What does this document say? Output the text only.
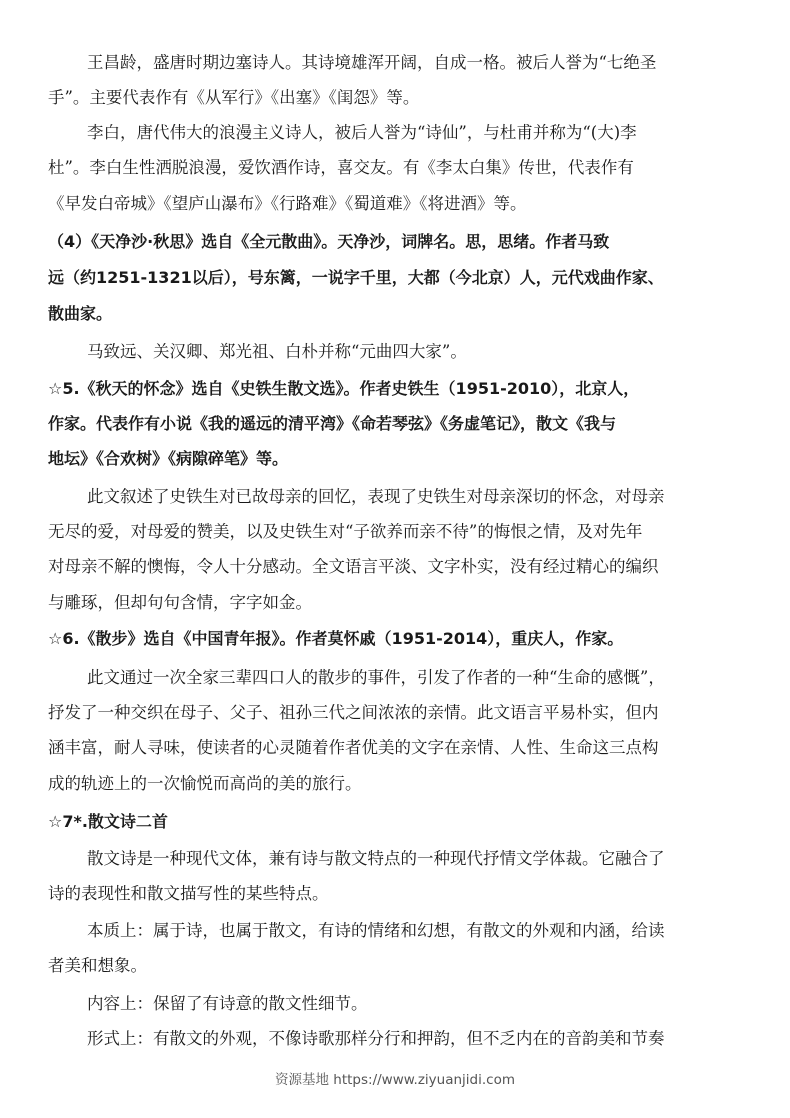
王昌龄，盛唐时期边塞诗人。其诗境雄浑开阔，自成一格。被后人誉为“七绝圣
手”。主要代表作有《从军行》《出塞》《闺怨》等。
李白，唐代伟大的浪漫主义诗人，被后人誉为“诗仙”，与杜甫并称为“(大)李
杜”。李白生性洒脱浪漫，爱饮酒作诗，喜交友。有《李太白集》传世，代表作有
《早发白帝城》《望庐山瀑布》《行路难》《蜀道难》《将进酒》等。
（4）《天净沙·秋思》选自《全元散曲》。天净沙，词牌名。思，思绪。作者马致
远（约1251-1321以后），号东篱，一说字千里，大都（今北京）人，元代戏曲作家、
散曲家。
马致远、关汉卿、郑光祖、白朴并称“元曲四大家”。
☆5.《秋天的怀念》选自《史铁生散文选》。作者史铁生（1951-2010），北京人，
作家。代表作有小说《我的遥远的清平湾》《命若琴弦》《务虚笔记》，散文《我与
地坛》《合欢树》《病隙碎笔》等。
此文叙述了史铁生对已故母亲的回忆，表现了史铁生对母亲深切的怀念，对母亲
无尽的爱，对母爱的赞美，以及史铁生对“子欲养而亲不待”的悔恨之情，及对先年
对母亲不解的懊悔，令人十分感动。全文语言平淡、文字朴实，没有经过精心的编织
与雕琢，但却句句含情，字字如金。
☆6.《散步》选自《中国青年报》。作者莫怀戚（1951-2014），重庆人，作家。
此文通过一次全家三辈四口人的散步的事件，引发了作者的一种“生命的感慨”，
抒发了一种交织在母子、父子、祖孙三代之间浓浓的亲情。此文语言平易朴实，但内
涵丰富，耐人寻味，使读者的心灵随着作者优美的文字在亲情、人性、生命这三点构
成的轨迹上的一次愉悦而高尚的美的旅行。
☆7*.散文诗二首
散文诗是一种现代文体，兼有诗与散文特点的一种现代抒情文学体裁。它融合了
诗的表现性和散文描写性的某些特点。
本质上：属于诗，也属于散文，有诗的情绪和幻想，有散文的外观和内涵，给读
者美和想象。
内容上：保留了有诗意的散文性细节。
形式上：有散文的外观，不像诗歌那样分行和押韵，但不乏内在的音韵美和节奏
资源基地 https://www.ziyuanjidi.com
